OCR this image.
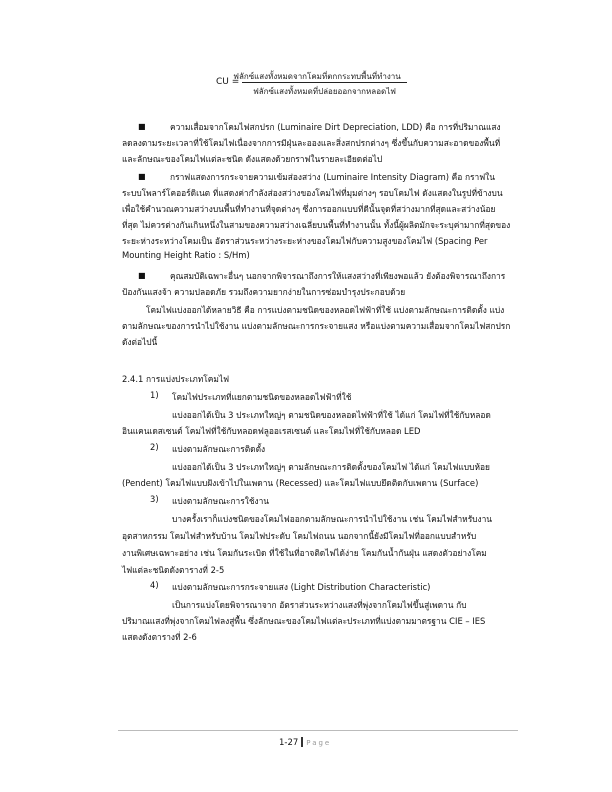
CU =
ฟลักซ์แสงทั้งหมดจากโคมที่ตกกระทบพื้นที่ทำงาน
ฟลักซ์แสงทั้งหมดที่ปล่อยออกจากหลอดไฟ
■	ความเสื่อมจากโคมไฟสกปรก (Luminaire Dirt Depreciation, LDD) คือ การที่ปริมาณแสง
ลดลงตามระยะเวลาที่ใช้โคมไฟเนื่องจากการมีฝุ่นละอองและสิ่งสกปรกต่างๆ ซึ่งขึ้นกับความสะอาดของพื้นที่
และลักษณะของโคมไฟแต่ละชนิด ดังแสดงด้วยกราฟในรายละเอียดต่อไป
■	กราฟแสดงการกระจายความเข้มส่องสว่าง (Luminaire Intensity Diagram) คือ กราฟใน
ระบบโพลาร์โคออร์ดิเนต ที่แสดงค่ากำลังส่องสว่างของโคมไฟที่มุมต่างๆ รอบโคมไฟ ดังแสดงในรูปที่ข้างบน
เพื่อใช้คำนวณความสว่างบนพื้นที่ทำงานที่จุดต่างๆ ซึ่งการออกแบบที่ดีนั้นจุดที่สว่างมากที่สุดและสว่างน้อย
ที่สุด ไม่ควรต่างกันเกินหนึ่งในสามของความสว่างเฉลี่ยบนพื้นที่ทำงานนั้น ทั้งนี้ผู้ผลิตมักจะระบุค่ามากที่สุดของ
ระยะห่างระหว่างโคมเป็น อัตราส่วนระหว่างระยะห่างของโคมไฟกับความสูงของโคมไฟ (Spacing Per
Mounting Height Ratio : S/Hm)
■	คุณสมบัติเฉพาะอื่นๆ นอกจากพิจารณาถึงการให้แสงสว่างที่เพียงพอแล้ว ยังต้องพิจารณาถึงการ
ป้องกันแสงจ้า ความปลอดภัย รวมถึงความยากง่ายในการซ่อมบำรุงประกอบด้วย
โคมไฟแบ่งออกได้หลายวิธี คือ การแบ่งตามชนิดของหลอดไฟฟ้าที่ใช้ แบ่งตามลักษณะการติดตั้ง แบ่ง
ตามลักษณะของการนำไปใช้งาน แบ่งตามลักษณะการกระจายแสง หรือแบ่งตามความเสื่อมจากโคมไฟสกปรก
ดังต่อไปนี้
2.4.1 การแบ่งประเภทโคมไฟ
1) โคมไฟประเภทที่แยกตามชนิดของหลอดไฟฟ้าที่ใช้
แบ่งออกได้เป็น 3 ประเภทใหญ่ๆ ตามชนิดของหลอดไฟฟ้าที่ใช้ ได้แก่ โคมไฟที่ใช้กับหลอด
อินแคนเดสเซนต์ โคมไฟที่ใช้กับหลอดฟลูออเรสเซนต์ และโคมไฟที่ใช้กับหลอด LED
2) แบ่งตามลักษณะการติดตั้ง
แบ่งออกได้เป็น 3 ประเภทใหญ่ๆ ตามลักษณะการติดตั้งของโคมไฟ ได้แก่ โคมไฟแบบห้อย
(Pendent) โคมไฟแบบฝังเข้าไปในเพดาน (Recessed) และโคมไฟแบบยึดติดกับเพดาน (Surface)
3) แบ่งตามลักษณะการใช้งาน
บางครั้งเราก็แบ่งชนิดของโคมไฟออกตามลักษณะการนำไปใช้งาน เช่น โคมไฟสำหรับงาน
อุตสาหกรรม โคมไฟสำหรับบ้าน โคมไฟประดับ โคมไฟถนน นอกจากนี้ยังมีโคมไฟที่ออกแบบสำหรับ
งานพิเศษเฉพาะอย่าง เช่น โคมกันระเบิด ที่ใช้ในที่อาจติดไฟได้ง่าย โคมกันน้ำกันฝุ่น แสดงตัวอย่างโคม
ไฟแต่ละชนิดดังตารางที่ 2-5
4) แบ่งตามลักษณะการกระจายแสง (Light Distribution Characteristic)
เป็นการแบ่งโดยพิจารณาจาก อัตราส่วนระหว่างแสงที่พุ่งจากโคมไฟขึ้นสู่เพดาน กับ
ปริมาณแสงที่พุ่งจากโคมไฟลงสู่พื้น ซึ่งลักษณะของโคมไฟแต่ละประเภทที่แบ่งตามมาตรฐาน CIE – IES
แสดงดังตารางที่ 2-6
1-27 Page
